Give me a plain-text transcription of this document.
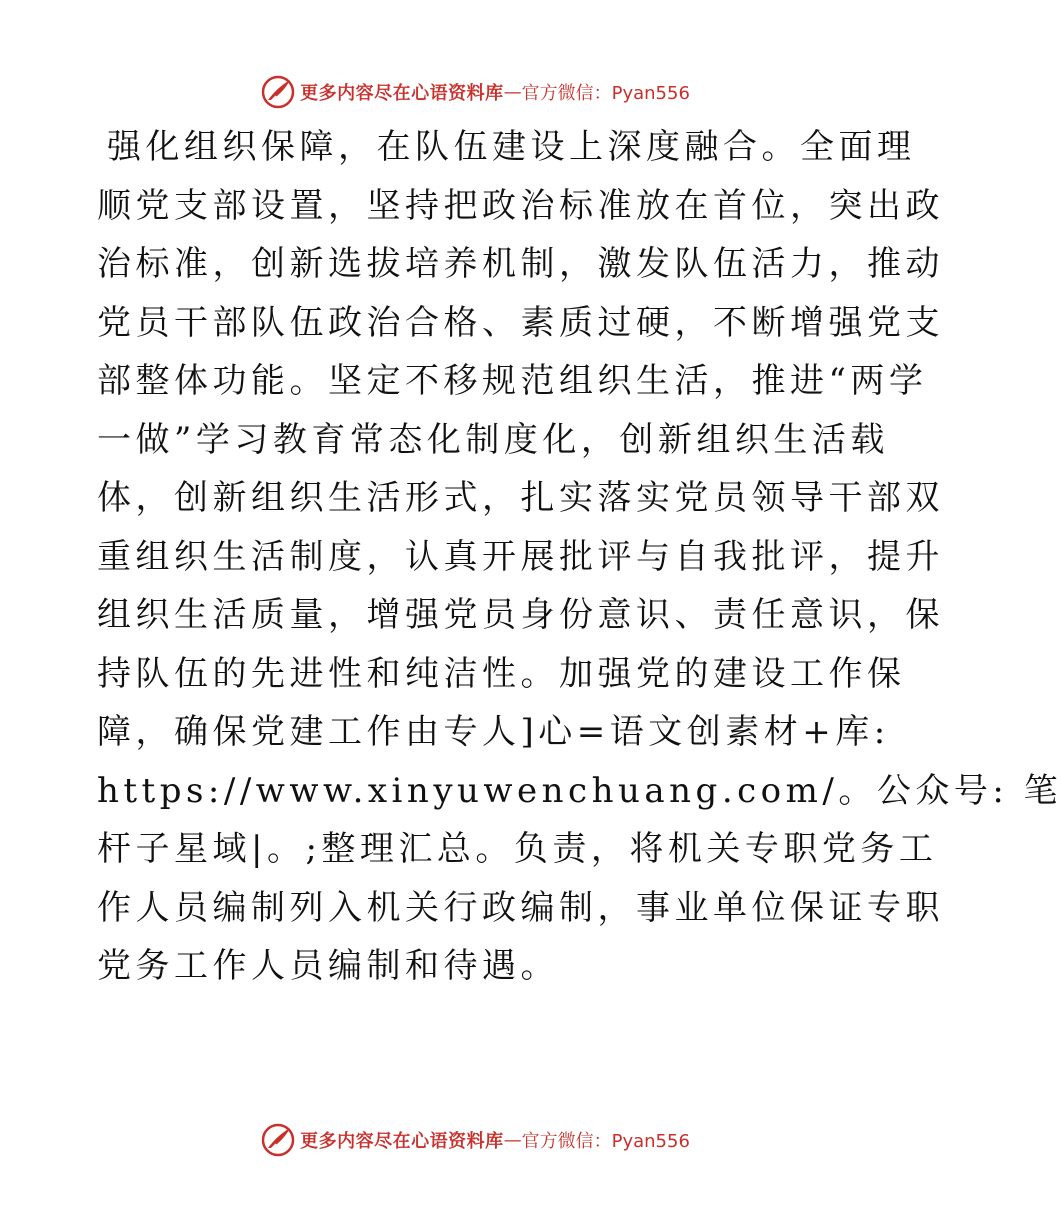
更多内容尽在心语资料库 — 官方微信：Pyan556
强化组织保障，在队伍建设上深度融合。全面理
顺党支部设置，坚持把政治标准放在首位，突出政
治标准，创新选拔培养机制，激发队伍活力，推动
党员干部队伍政治合格、素质过硬，不断增强党支
部整体功能。坚定不移规范组织生活，推进“两学
一做”学习教育常态化制度化，创新组织生活载
体，创新组织生活形式，扎实落实党员领导干部双
重组织生活制度，认真开展批评与自我批评，提升
组织生活质量，增强党员身份意识、责任意识，保
持队伍的先进性和纯洁性。加强党的建设工作保
障，确保党建工作由专人]心=语文创素材+库:
https://www.xinyuwenchuang.com/。公众号: 笔
杆子星域|。;整理汇总。负责，将机关专职党务工
作人员编制列入机关行政编制，事业单位保证专职
党务工作人员编制和待遇。
更多内容尽在心语资料库 — 官方微信：Pyan556
